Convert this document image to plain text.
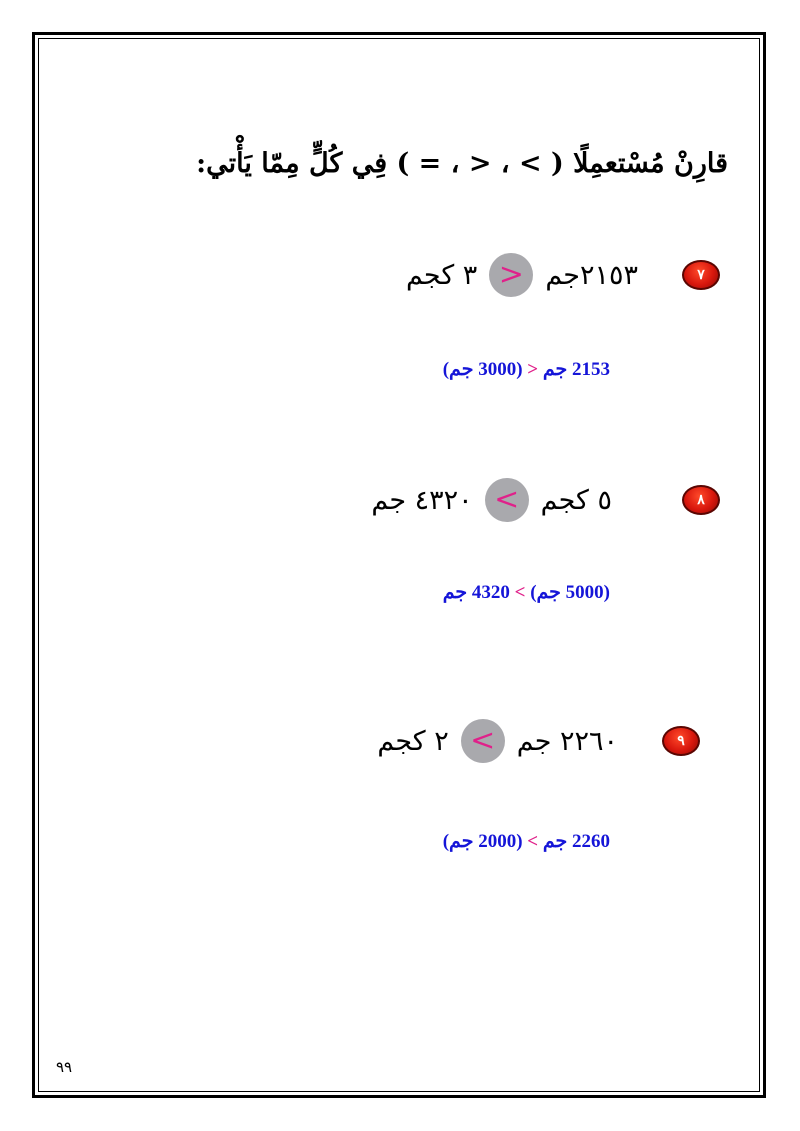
قارِنْ مُسْتعمِلًا ( > ، < ، = ) فِي كُلٍّ مِمّا يَأْتي:
٧
٢١٥٣جم
>
٣ كجم
2153 جم < (3000 جم)
٨
٥ كجم
<
٤٣٢٠ جم
(5000 جم) > 4320 جم
٩
٢٢٦٠ جم
<
٢ كجم
2260 جم > (2000 جم)
٩٩
